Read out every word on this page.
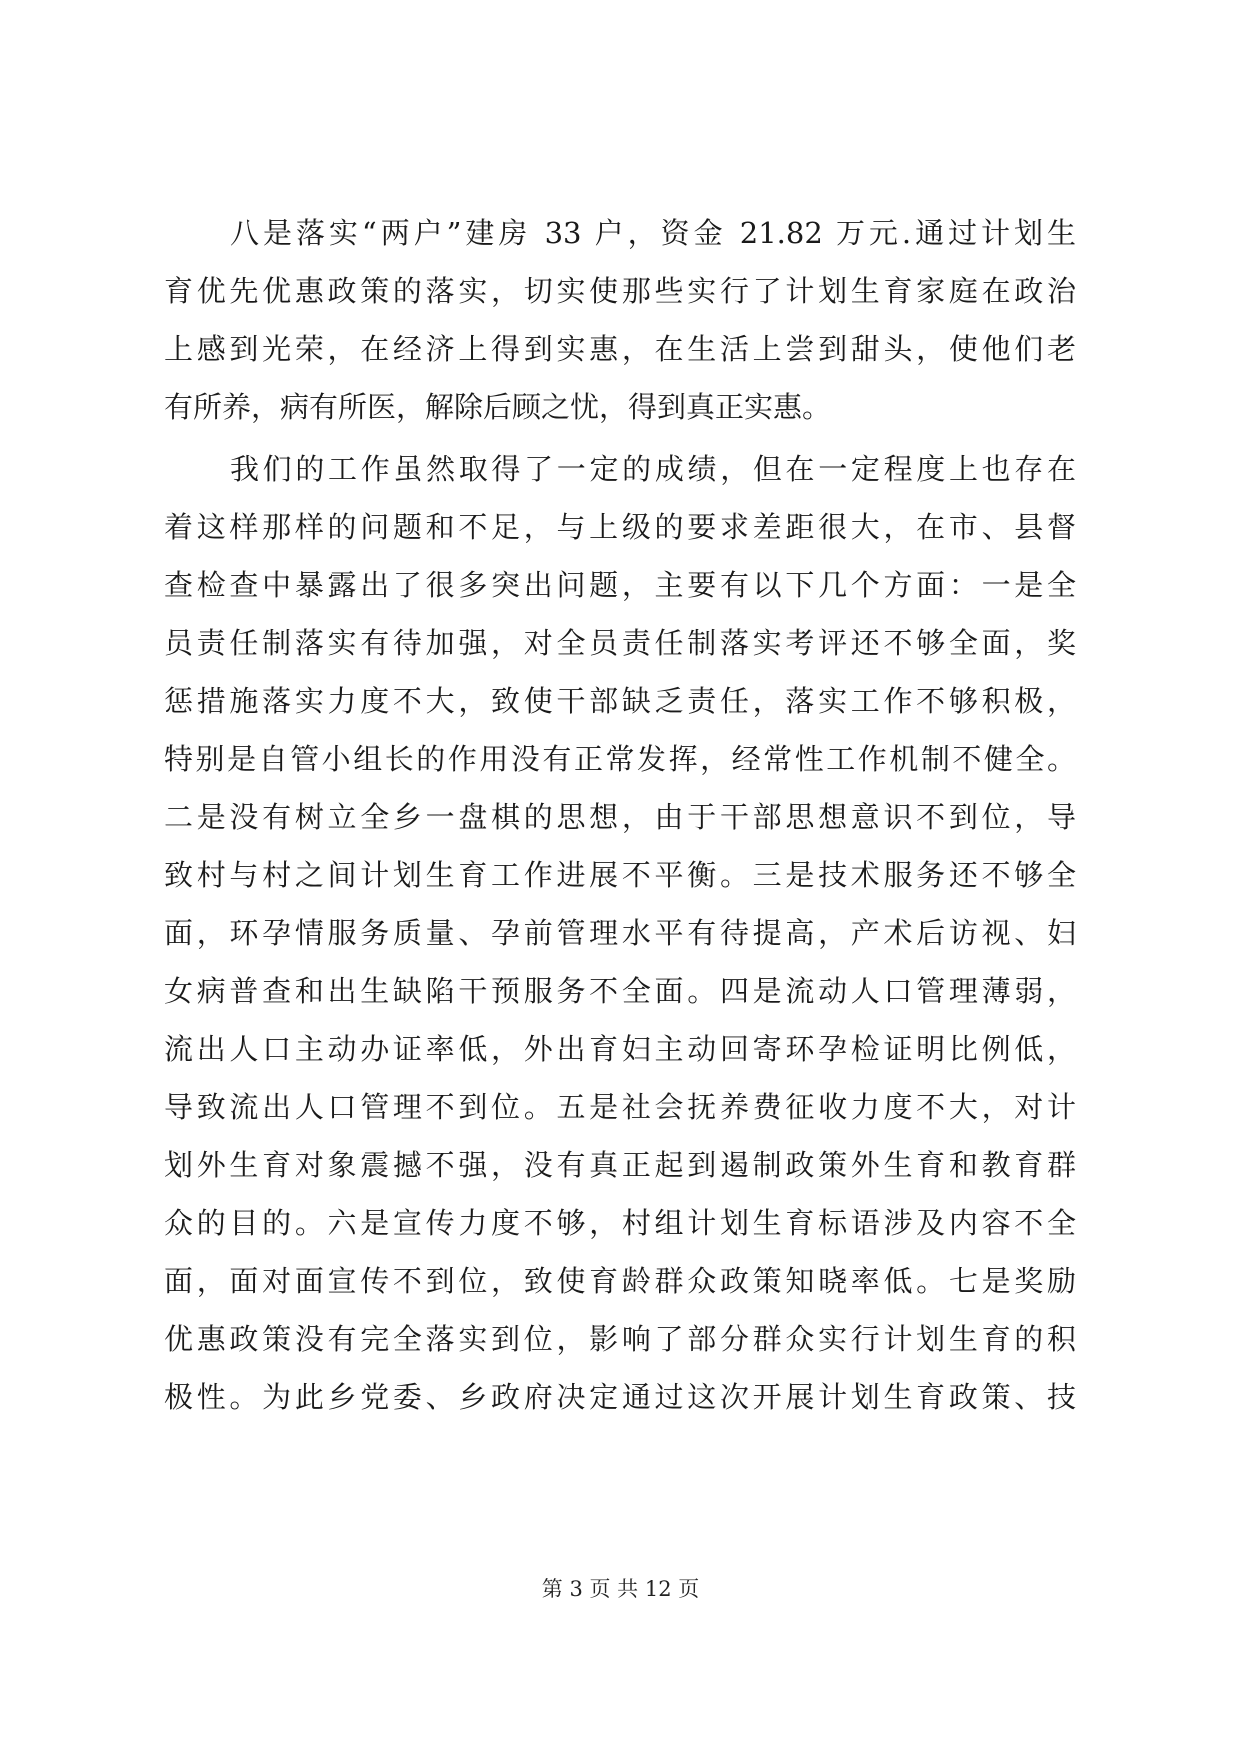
八是落实“两户”建房 33 户，资金 21.82 万元.通过计划生
育优先优惠政策的落实，切实使那些实行了计划生育家庭在政治
上感到光荣，在经济上得到实惠，在生活上尝到甜头，使他们老
有所养，病有所医，解除后顾之忧，得到真正实惠。
我们的工作虽然取得了一定的成绩，但在一定程度上也存在
着这样那样的问题和不足，与上级的要求差距很大，在市、县督
查检查中暴露出了很多突出问题，主要有以下几个方面：一是全
员责任制落实有待加强，对全员责任制落实考评还不够全面，奖
惩措施落实力度不大，致使干部缺乏责任，落实工作不够积极，
特别是自管小组长的作用没有正常发挥，经常性工作机制不健全。
二是没有树立全乡一盘棋的思想，由于干部思想意识不到位，导
致村与村之间计划生育工作进展不平衡。三是技术服务还不够全
面，环孕情服务质量、孕前管理水平有待提高，产术后访视、妇
女病普查和出生缺陷干预服务不全面。四是流动人口管理薄弱，
流出人口主动办证率低，外出育妇主动回寄环孕检证明比例低，
导致流出人口管理不到位。五是社会抚养费征收力度不大，对计
划外生育对象震撼不强，没有真正起到遏制政策外生育和教育群
众的目的。六是宣传力度不够，村组计划生育标语涉及内容不全
面，面对面宣传不到位，致使育龄群众政策知晓率低。七是奖励
优惠政策没有完全落实到位，影响了部分群众实行计划生育的积
极性。为此乡党委、乡政府决定通过这次开展计划生育政策、技
第 3 页 共 12 页
